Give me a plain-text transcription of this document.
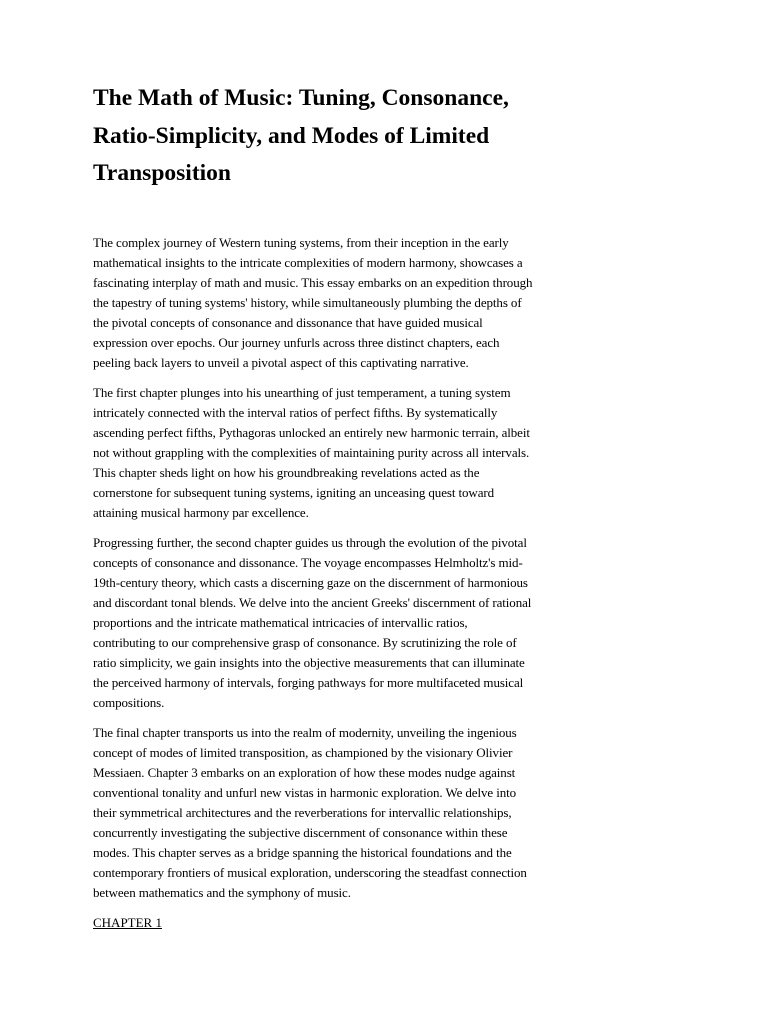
The Math of Music: Tuning, Consonance, Ratio-Simplicity, and Modes of Limited Transposition

The complex journey of Western tuning systems, from their inception in the early mathematical insights to the intricate complexities of modern harmony, showcases a fascinating interplay of math and music. This essay embarks on an expedition through the tapestry of tuning systems' history, while simultaneously plumbing the depths of the pivotal concepts of consonance and dissonance that have guided musical expression over epochs. Our journey unfurls across three distinct chapters, each peeling back layers to unveil a pivotal aspect of this captivating narrative.

The first chapter plunges into his unearthing of just temperament, a tuning system intricately connected with the interval ratios of perfect fifths. By systematically ascending perfect fifths, Pythagoras unlocked an entirely new harmonic terrain, albeit not without grappling with the complexities of maintaining purity across all intervals. This chapter sheds light on how his groundbreaking revelations acted as the cornerstone for subsequent tuning systems, igniting an unceasing quest toward attaining musical harmony par excellence.

Progressing further, the second chapter guides us through the evolution of the pivotal concepts of consonance and dissonance. The voyage encompasses Helmholtz's mid-19th-century theory, which casts a discerning gaze on the discernment of harmonious and discordant tonal blends. We delve into the ancient Greeks' discernment of rational proportions and the intricate mathematical intricacies of intervallic ratios, contributing to our comprehensive grasp of consonance. By scrutinizing the role of ratio simplicity, we gain insights into the objective measurements that can illuminate the perceived harmony of intervals, forging pathways for more multifaceted musical compositions.

The final chapter transports us into the realm of modernity, unveiling the ingenious concept of modes of limited transposition, as championed by the visionary Olivier Messiaen. Chapter 3 embarks on an exploration of how these modes nudge against conventional tonality and unfurl new vistas in harmonic exploration. We delve into their symmetrical architectures and the reverberations for intervallic relationships, concurrently investigating the subjective discernment of consonance within these modes. This chapter serves as a bridge spanning the historical foundations and the contemporary frontiers of musical exploration, underscoring the steadfast connection between mathematics and the symphony of music.

CHAPTER 1
